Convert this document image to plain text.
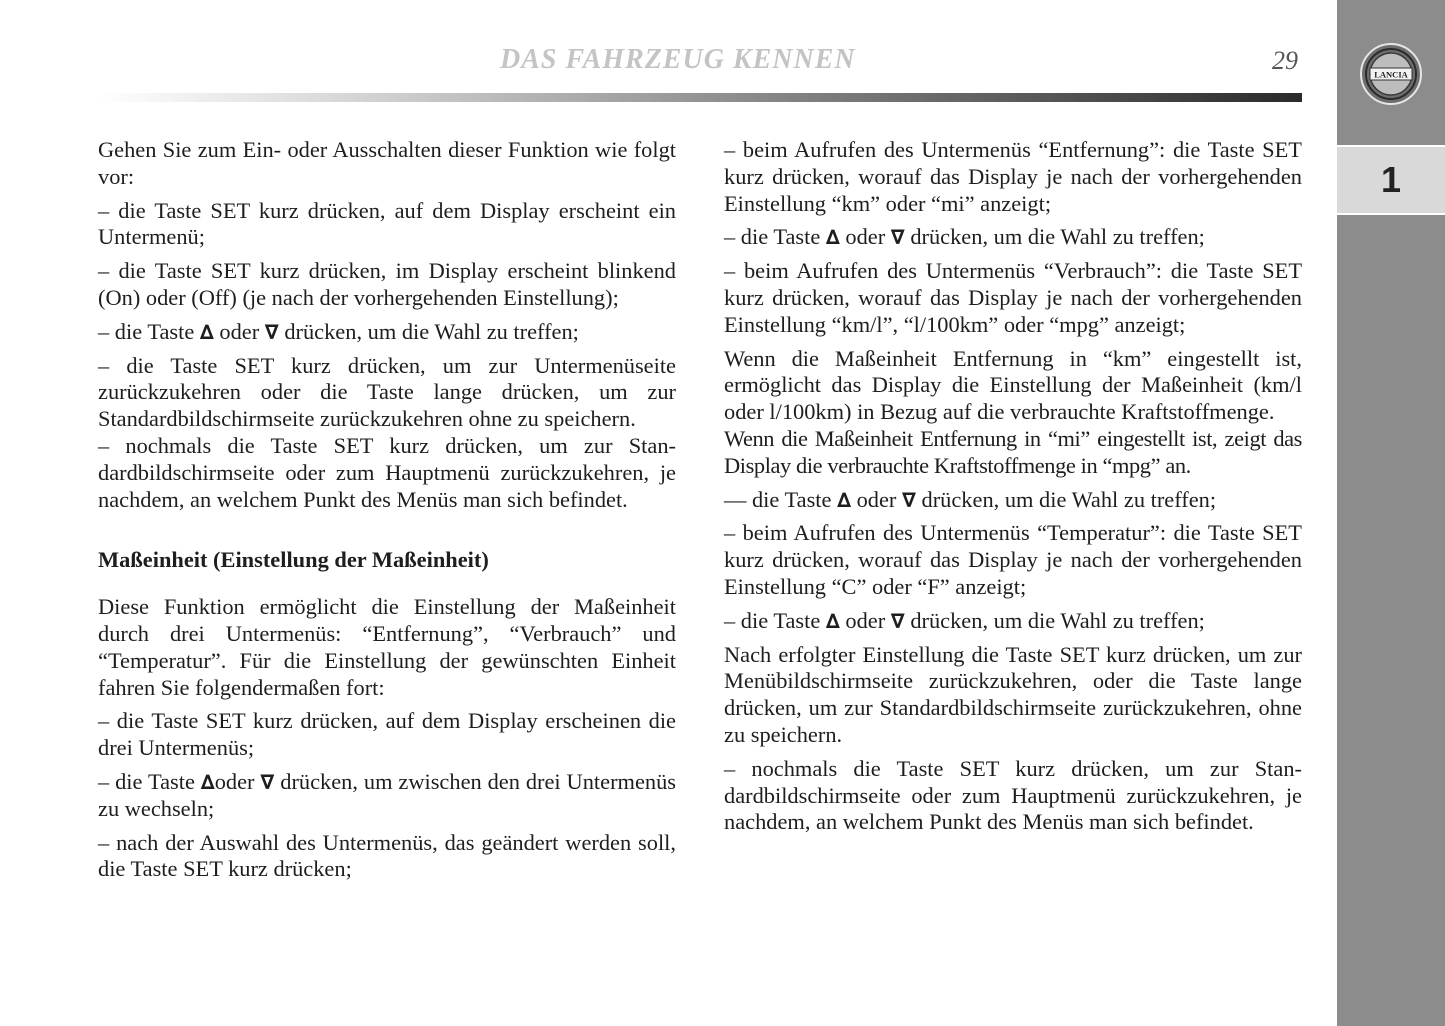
DAS FAHRZEUG KENNEN	29	LANCIA
1

Gehen Sie zum Ein- oder Ausschalten dieser Funktion wie folgt vor:

– die Taste SET kurz drücken, auf dem Display erscheint ein Untermenü;

– die Taste SET kurz drücken, im Display erscheint blinkend (On) oder (Off) (je nach der vorhergehenden Einstellung);

– die Taste ∆ oder ∇ drücken, um die Wahl zu treffen;

– die Taste SET kurz drücken, um zur Untermenüseite zurückzukehren oder die Taste lange drücken, um zur Standardbildschirmseite zurückzukehren ohne zu speichern.

– nochmals die Taste SET kurz drücken, um zur Standardbildschirmseite oder zum Hauptmenü zurückzukehren, je nachdem, an welchem Punkt des Menüs man sich befindet.

Maßeinheit (Einstellung der Maßeinheit)

Diese Funktion ermöglicht die Einstellung der Maßeinheit durch drei Untermenüs: “Entfernung”, “Verbrauch” und “Temperatur”. Für die Einstellung der gewünschten Einheit fahren Sie folgendermaßen fort:

– die Taste SET kurz drücken, auf dem Display erscheinen die drei Untermenüs;

– die Taste ∆oder ∇ drücken, um zwischen den drei Untermenüs zu wechseln;

– nach der Auswahl des Untermenüs, das geändert werden soll, die Taste SET kurz drücken;

– beim Aufrufen des Untermenüs “Entfernung”: die Taste SET kurz drücken, worauf das Display je nach der vorhergehenden Einstellung “km” oder “mi” anzeigt;

– die Taste ∆ oder ∇ drücken, um die Wahl zu treffen;

– beim Aufrufen des Untermenüs “Verbrauch”: die Taste SET kurz drücken, worauf das Display je nach der vorhergehenden Einstellung “km/l”, “l/100km” oder “mpg” anzeigt;

Wenn die Maßeinheit Entfernung in “km” eingestellt ist, ermöglicht das Display die Einstellung der Maßeinheit (km/l oder l/100km) in Bezug auf die verbrauchte Kraftstoffmenge.

Wenn die Maßeinheit Entfernung in “mi” eingestellt ist, zeigt das Display die verbrauchte Kraftstoffmenge in “mpg” an.

— die Taste ∆ oder ∇ drücken, um die Wahl zu treffen;

– beim Aufrufen des Untermenüs “Temperatur”: die Taste SET kurz drücken, worauf das Display je nach der vorhergehenden Einstellung “C” oder “F” anzeigt;

– die Taste ∆ oder ∇ drücken, um die Wahl zu treffen;

Nach erfolgter Einstellung die Taste SET kurz drücken, um zur Menübildschirmseite zurückzukehren, oder die Taste lange drücken, um zur Standardbildschirmseite zurückzukehren, ohne zu speichern.

– nochmals die Taste SET kurz drücken, um zur Standardbildschirmseite oder zum Hauptmenü zurückzukehren, je nachdem, an welchem Punkt des Menüs man sich befindet.
